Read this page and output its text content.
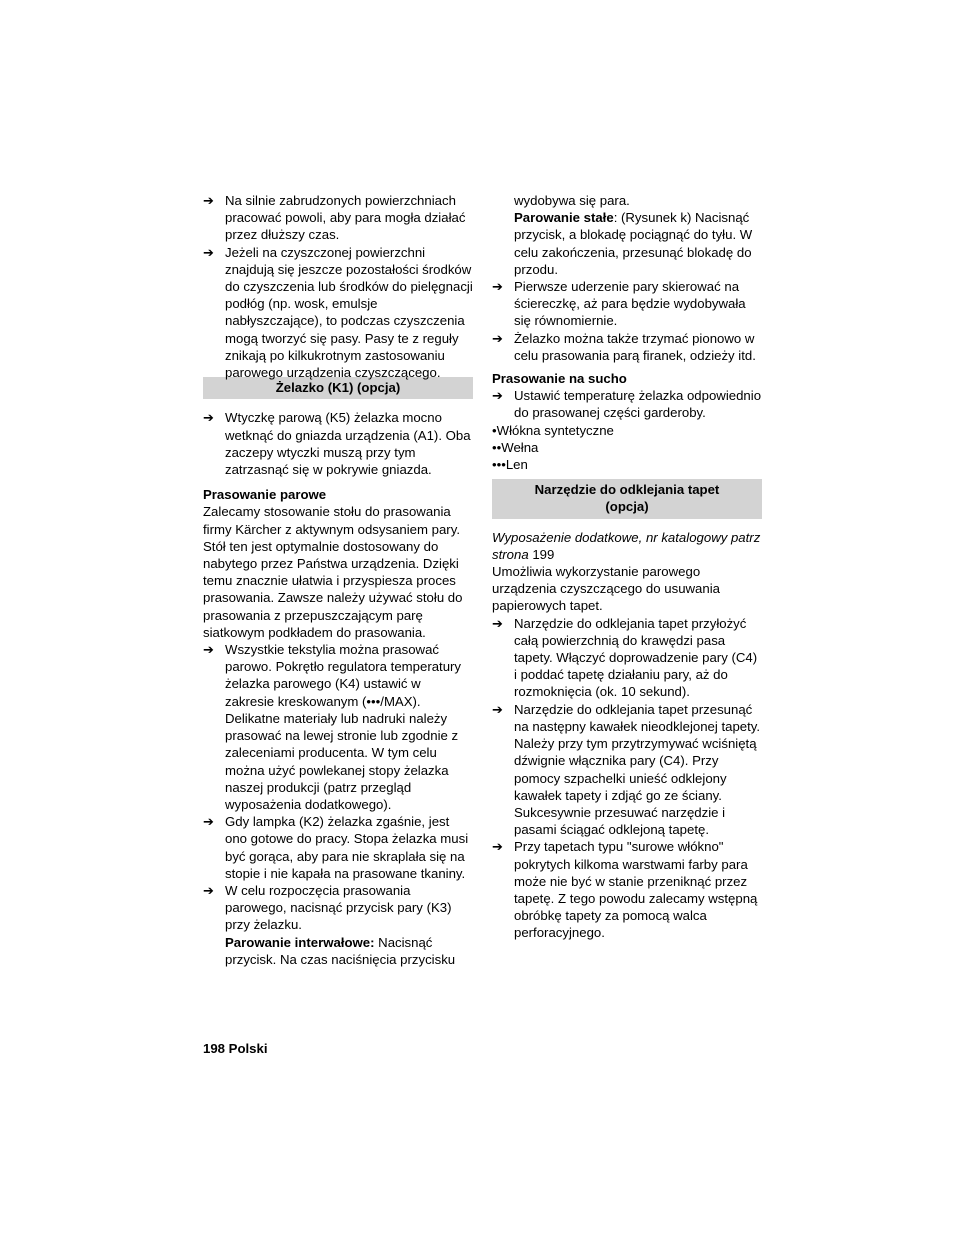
➔ Na silnie zabrudzonych powierzchniach pracować powoli, aby para mogła działać przez dłuższy czas.
➔ Jeżeli na czyszczonej powierzchni znajdują się jeszcze pozostałości środków do czyszczenia lub środków do pielęgnacji podłóg (np. wosk, emulsje nabłyszczające), to podczas czyszczenia mogą tworzyć się pasy. Pasy te z reguły znikają po kilkukrotnym zastosowaniu parowego urządzenia czyszczącego.
Żelazko (K1) (opcja)
➔ Wtyczkę parową (K5) żelazka mocno wetknąć do gniazda urządzenia (A1). Oba zaczepy wtyczki muszą przy tym zatrzasnąć się w pokrywie gniazda.
Prasowanie parowe
Zalecamy stosowanie stołu do prasowania firmy Kärcher z aktywnym odsysaniem pary. Stół ten jest optymalnie dostosowany do nabytego przez Państwa urządzenia. Dzięki temu znacznie ułatwia i przyspiesza proces prasowania. Zawsze należy używać stołu do prasowania z przepuszczającym parę siatkowym podkładem do prasowania.
➔ Wszystkie tekstylia można prasować parowo. Pokrętło regulatora temperatury żelazka parowego (K4) ustawić w zakresie kreskowanym (•••/MAX). Delikatne materiały lub nadruki należy prasować na lewej stronie lub zgodnie z zaleceniami producenta. W tym celu można użyć powlekanej stopy żelazka naszej produkcji (patrz przegląd wyposażenia dodatkowego).
➔ Gdy lampka (K2) żelazka zgaśnie, jest ono gotowe do pracy. Stopa żelazka musi być gorąca, aby para nie skraplała się na stopie i nie kapała na prasowane tkaniny.
➔ W celu rozpoczęcia prasowania parowego, nacisnąć przycisk pary (K3) przy żelazku.
Parowanie interwałowe: Nacisnąć przycisk. Na czas naciśnięcia przycisku
wydobywa się para.
Parowanie stałe: (Rysunek k) Nacisnąć przycisk, a blokadę pociągnąć do tyłu. W celu zakończenia, przesunąć blokadę do przodu.
➔ Pierwsze uderzenie pary skierować na ściereczkę, aż para będzie wydobywała się równomiernie.
➔ Żelazko można także trzymać pionowo w celu prasowania parą firanek, odzieży itd.
Prasowanie na sucho
➔ Ustawić temperaturę żelazka odpowiednio do prasowanej części garderoby.
•Włókna syntetyczne
••Wełna
•••Len
Narzędzie do odklejania tapet
(opcja)
Wyposażenie dodatkowe, nr katalogowy patrz strona 199
Umożliwia wykorzystanie parowego urządzenia czyszczącego do usuwania papierowych tapet.
➔ Narzędzie do odklejania tapet przyłożyć całą powierzchnią do krawędzi pasa tapety. Włączyć doprowadzenie pary (C4) i poddać tapetę działaniu pary, aż do rozmoknięcia (ok. 10 sekund).
➔ Narzędzie do odklejania tapet przesunąć na następny kawałek nieodklejonej tapety. Należy przy tym przytrzymywać wciśniętą dźwignie włącznika pary (C4). Przy pomocy szpachelki unieść odklejony kawałek tapety i zdjąć go ze ściany. Sukcesywnie przesuwać narzędzie i pasami ściągać odklejoną tapetę.
➔ Przy tapetach typu "surowe włókno" pokrytych kilkoma warstwami farby para może nie być w stanie przeniknąć przez tapetę. Z tego powodu zalecamy wstępną obróbkę tapety za pomocą walca perforacyjnego.
198 Polski
